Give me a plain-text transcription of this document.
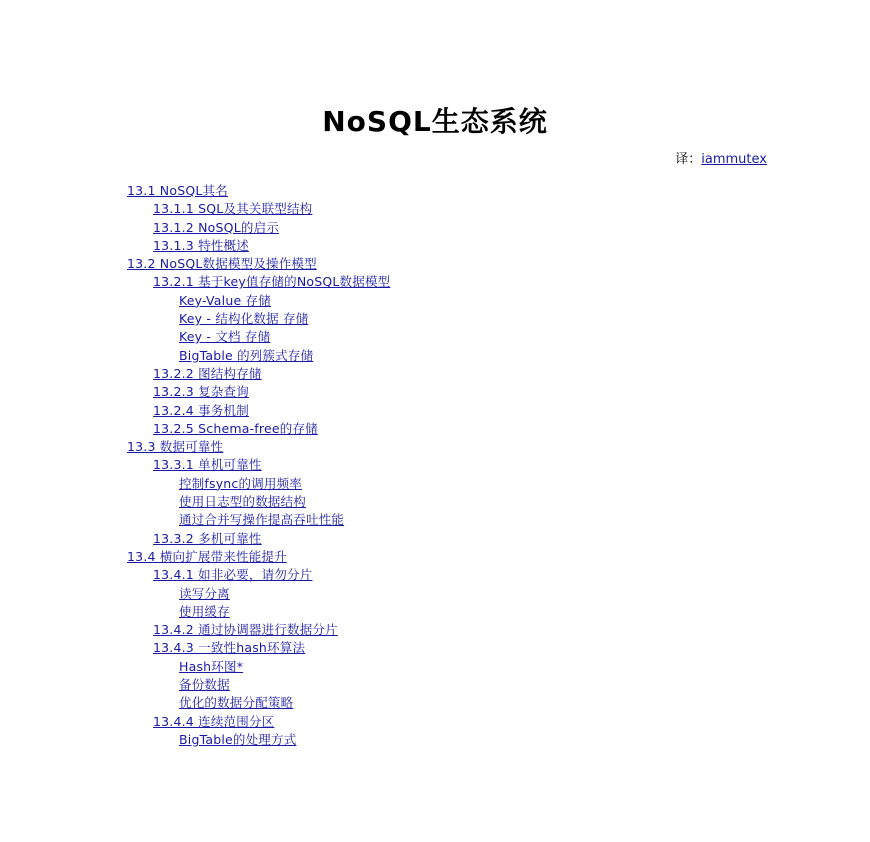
NoSQL生态系统
译：iammutex
13.1 NoSQL其名
13.1.1 SQL及其关联型结构
13.1.2 NoSQL的启示
13.1.3 特性概述
13.2 NoSQL数据模型及操作模型
13.2.1 基于key值存储的NoSQL数据模型
Key-Value 存储
Key - 结构化数据 存储
Key - 文档 存储
BigTable 的列簇式存储
13.2.2 图结构存储
13.2.3 复杂查询
13.2.4 事务机制
13.2.5 Schema-free的存储
13.3 数据可靠性
13.3.1 单机可靠性
控制fsync的调用频率
使用日志型的数据结构
通过合并写操作提高吞吐性能
13.3.2 多机可靠性
13.4 横向扩展带来性能提升
13.4.1 如非必要，请勿分片
读写分离
使用缓存
13.4.2 通过协调器进行数据分片
13.4.3 一致性hash环算法
Hash环图*
备份数据
优化的数据分配策略
13.4.4 连续范围分区
BigTable的处理方式
